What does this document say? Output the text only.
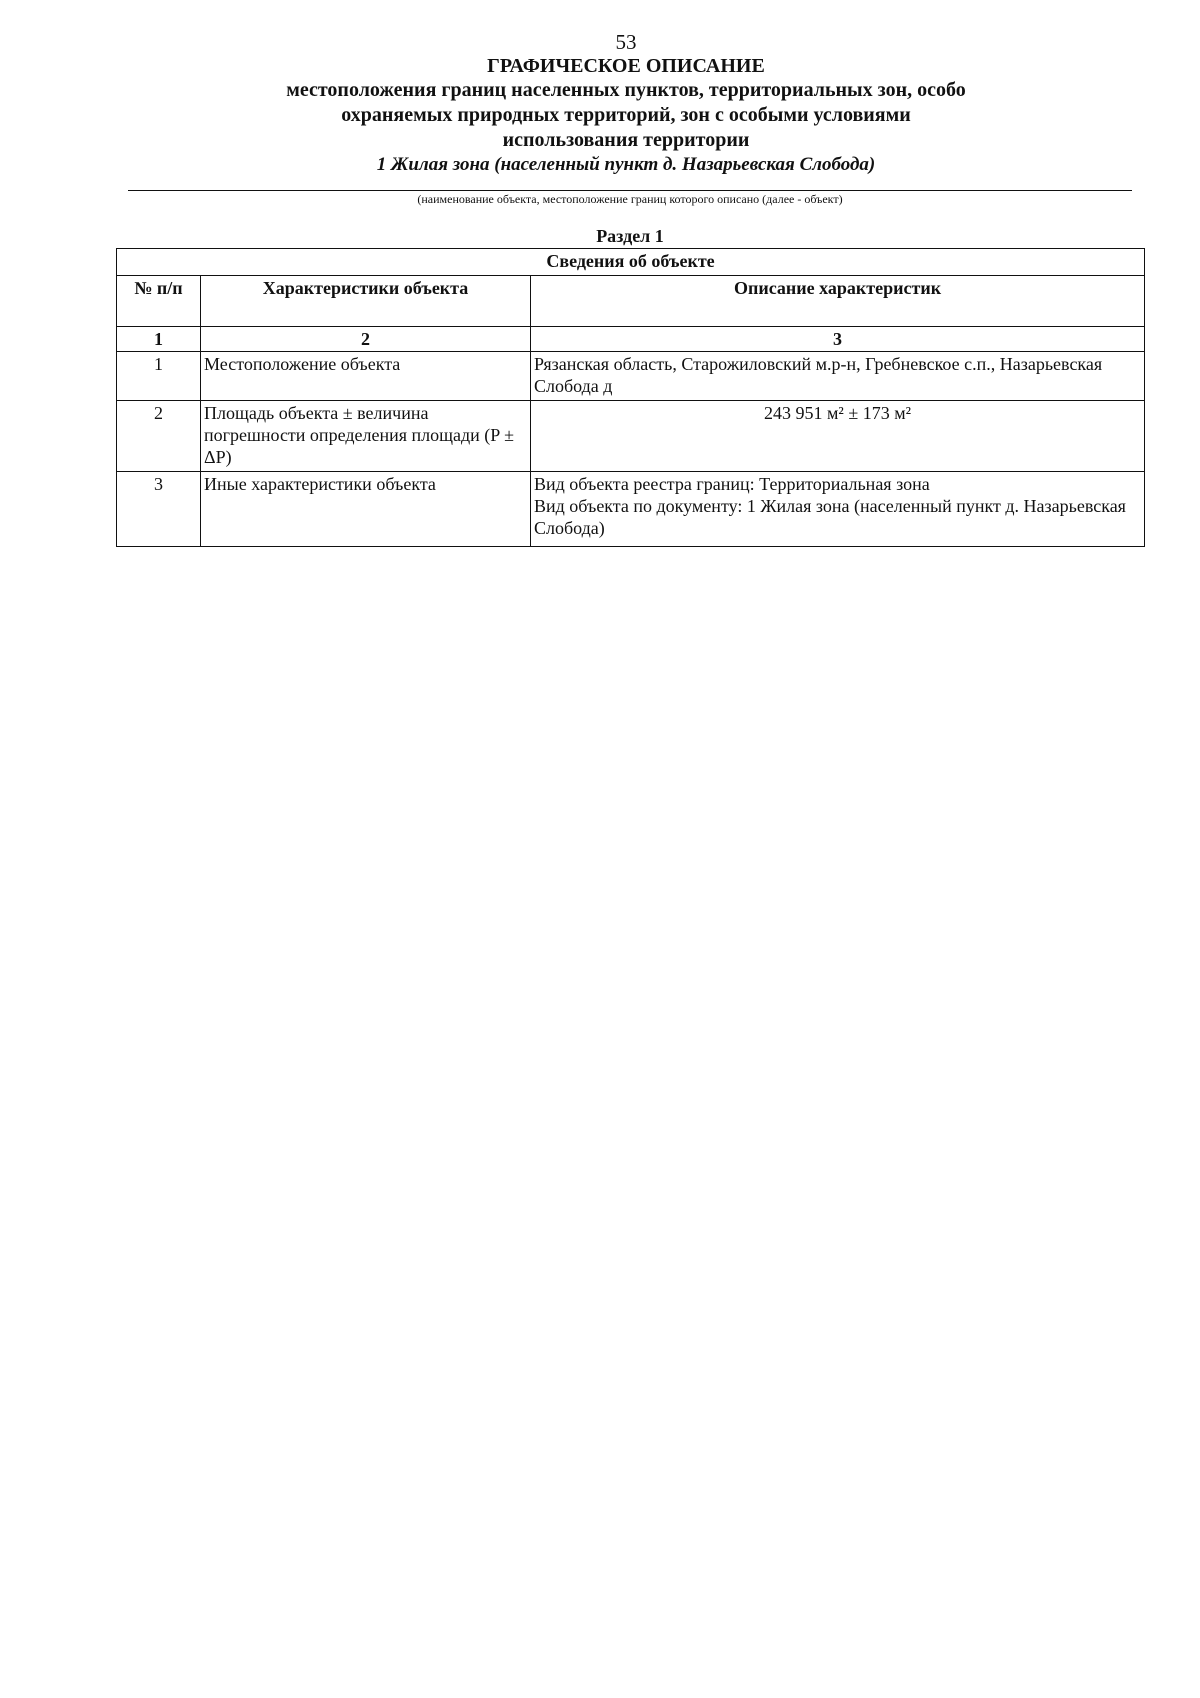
53

ГРАФИЧЕСКОЕ ОПИСАНИЕ

местоположения границ населенных пунктов, территориальных зон, особо охраняемых природных территорий, зон с особыми условиями использования территории

1 Жилая зона (населенный пункт д. Назарьевская Слобода)

(наименование объекта, местоположение границ которого описано (далее - объект)
Раздел 1
Сведения об объекте		
№ п/п	Характеристики объекта	Описание характеристик
1	2	3
1	Местоположение объекта	Рязанская область, Старожиловский м.р-н, Гребневское с.п., Назарьевская Слобода д

2	Площадь объекта ± величина погрешности определения площади (P ± ΔP)	243 951 м² ± 173 м²

3	Иные характеристики объекта	Вид объекта реестра границ: Территориальная зона
Вид объекта по документу: 1 Жилая зона (населенный пункт д. Назарьевская Слобода)
